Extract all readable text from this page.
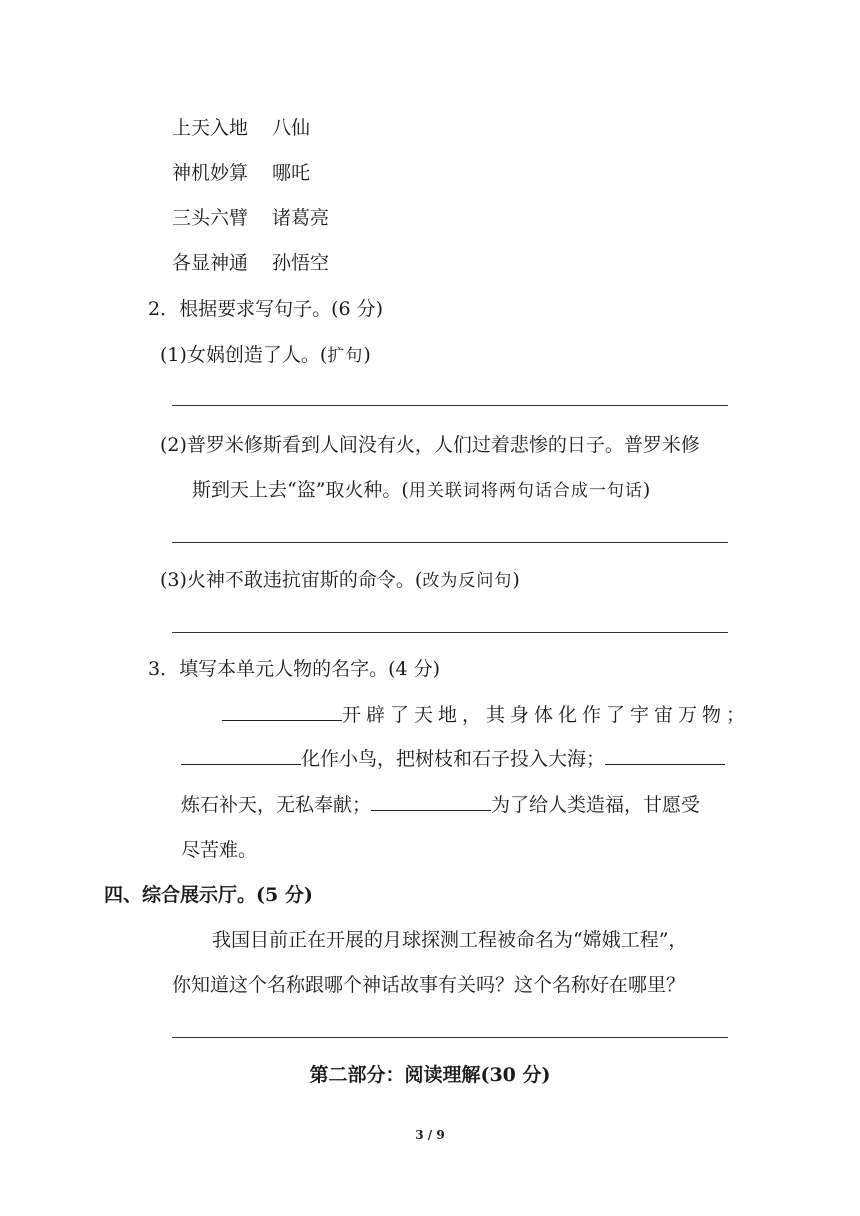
上天入地 八仙
神机妙算 哪吒
三头六臂 诸葛亮
各显神通 孙悟空
2．根据要求写句子。(6 分)
(1)女娲创造了人。(扩句)
(2)普罗米修斯看到人间没有火，人们过着悲惨的日子。普罗米修
斯到天上去“盗”取火种。(用关联词将两句话合成一句话)
(3)火神不敢违抗宙斯的命令。(改为反问句)
3．填写本单元人物的名字。(4 分)
开辟了天地，其身体化作了宇宙万物；
化作小鸟，把树枝和石子投入大海；
炼石补天，无私奉献；	为了给人类造福，甘愿受
尽苦难。
四、综合展示厅。(5 分)
我国目前正在开展的月球探测工程被命名为“嫦娥工程”，
你知道这个名称跟哪个神话故事有关吗？这个名称好在哪里？
第二部分：阅读理解(30 分)
3 / 9
